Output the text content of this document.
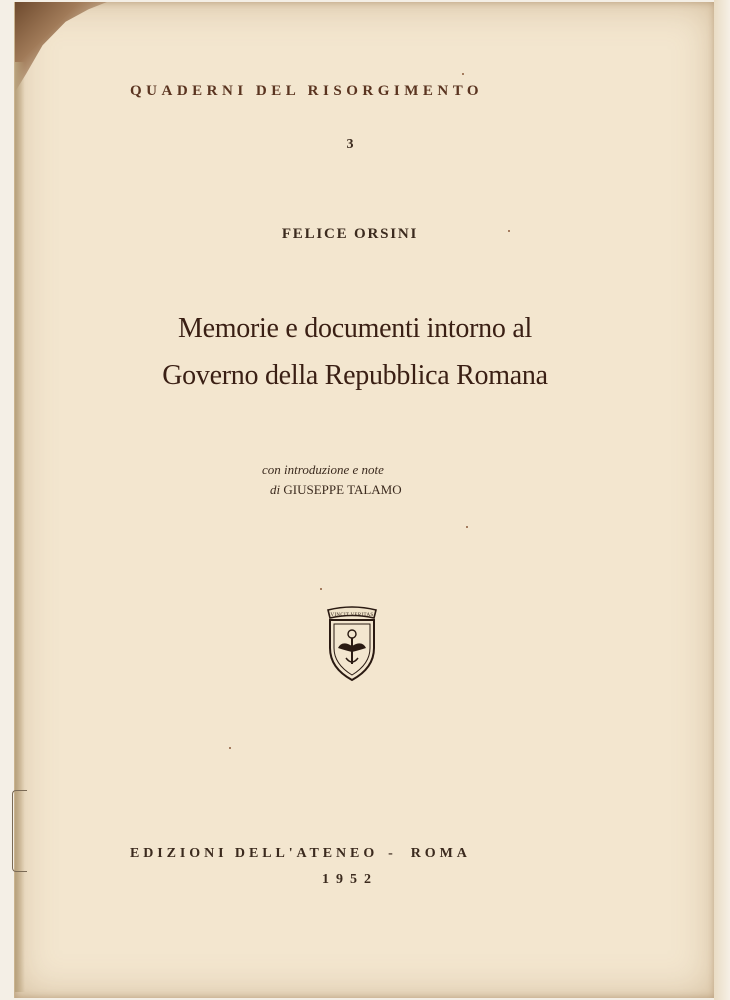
QUADERNI DEL RISORGIMENTO
3
FELICE ORSINI
Memorie e documenti intorno al
Governo della Repubblica Romana
con introduzione e note
di GIUSEPPE TALAMO
VINCIT VERITAS
EDIZIONI DELL'ATENEO - ROMA
1952
